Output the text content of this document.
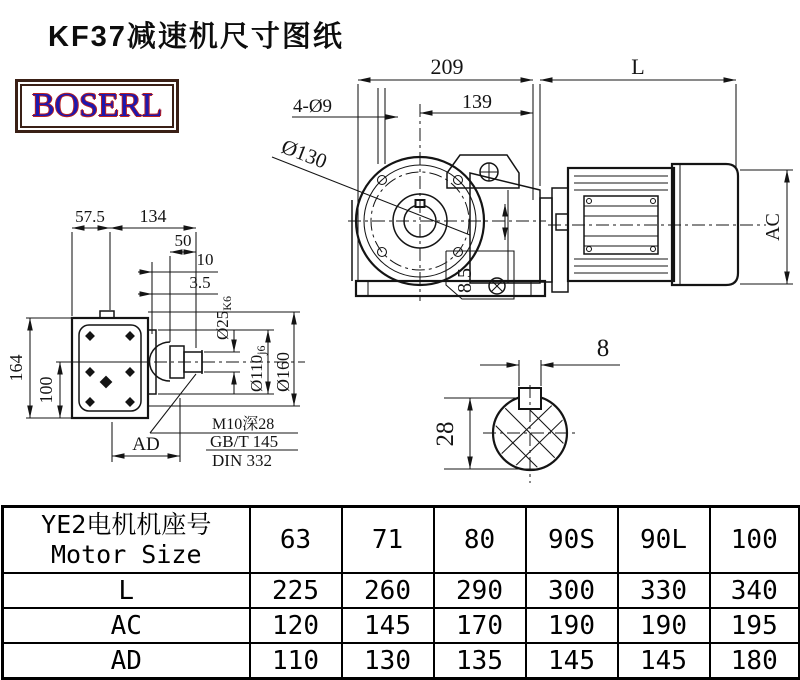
KF37减速机尺寸图纸
BOSERL
209	L
139
4-Ø9
Ø130
AC
8.5
57.5 134
50
10
3.5
Ø25K6
Ø110j6
Ø160
164
100
AD
M10深28
GB/T 145
DIN 332
8
28
YE2电机机座号
Motor Size	63	71	80	90S	90L	100
L	225	260	290	300	330	340
AC	120	145	170	190	190	195
AD	110	130	135	145	145	180
